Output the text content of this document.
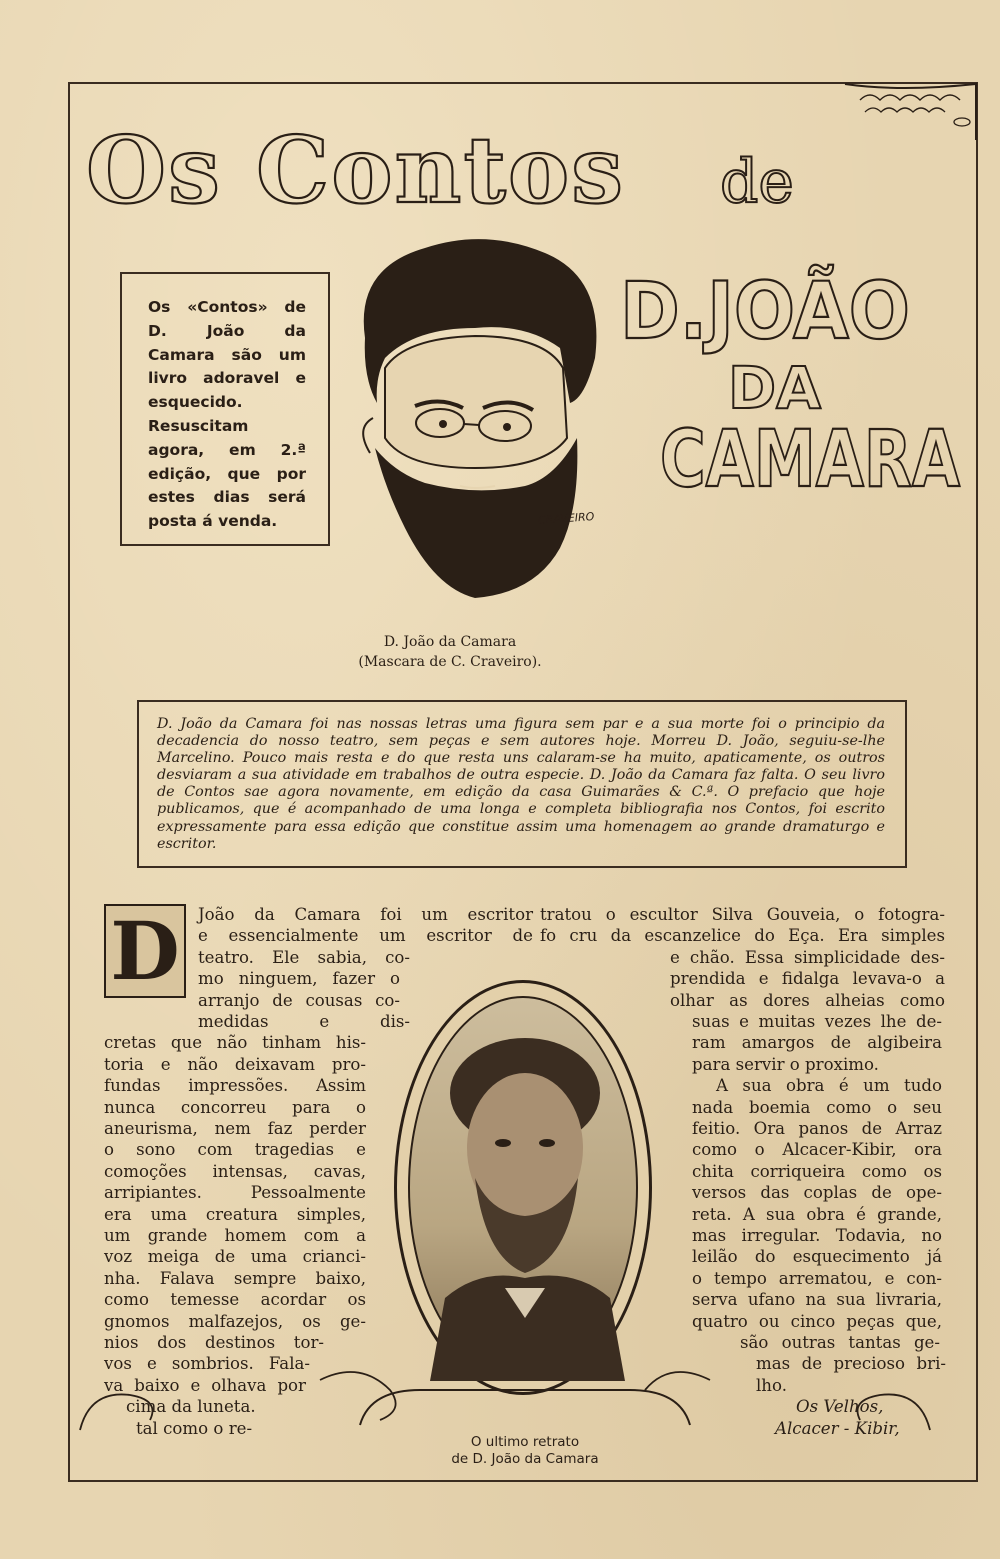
Os Contos de
D.JOÃO
DA
CAMARA

Os «Contos» de D. João da Camara são um livro adoravel e esquecido. Resuscitam agora, em 2.ª edição, que por estes dias será posta á venda.	CRAVEIRO
D. João da Camara
(Mascara de C. Craveiro).

D. João da Camara foi nas nossas letras uma figura sem par e a sua morte foi o principio da decadencia do nosso teatro, sem peças e sem autores hoje. Morreu D. João, seguiu-se-lhe Marcelino. Pouco mais resta e do que resta uns calaram-se ha muito, apaticamente, os outros desviaram a sua atividade em trabalhos de outra especie. D. João da Camara faz falta. O seu livro de Contos sae agora novamente, em edição da casa Guimarães & C.ª. O prefacio que hoje publicamos, que é acompanhado de uma longa e completa bibliografia nos Contos, foi escrito expressamente para essa edição que constitue assim uma homenagem ao grande dramaturgo e escritor.

D João da Camara foi um escritor
e essencialmente um escritor de
teatro. Ele sabia, co-
mo ninguem, fazer o
arranjo de cousas co-
medidas e dis-
cretas que não tinham his-
toria e não deixavam pro-
fundas impressões. Assim
nunca concorreu para o
aneurisma, nem faz perder
o sono com tragedias e
comoções intensas, cavas,
arripiantes. Pessoalmente
era uma creatura simples,
um grande homem com a
voz meiga de uma criancі-
nha. Falava sempre baixo,
como temesse acordar os
gnomos malfazejos, os ge-
nios dos destinos tor-
vos e sombrios. Fala-
va baixo e olhava por
cima da luneta.
tal como o re-
tratou o escultor Silva Gouveia, o fotogra-
fo cru da escanzelice do Eça. Era simples
e chão. Essa simplicidade des-
prendida e fidalga levava-o a
olhar as dores alheias como
suas e muitas vezes lhe de-
ram amargos de algibeira
para servir o proximo.
A sua obra é um tudo
nada boemia como o seu
feitio. Ora panos de Arraz
como o Alcacer-Kibir, ora
chita corriqueira como os
versos das coplas de ope-
reta. A sua obra é grande,
mas irregular. Todavia, no
leilão do esquecimento já
o tempo arrematou, e con-
serva ufano na sua livraria,
quatro ou cinco peças que,
são outras tantas ge-
mas de precioso bri-
lho.
Os Velhos,
Alcacer - Kibir,
O ultimo retrato
de D. João da Camara
